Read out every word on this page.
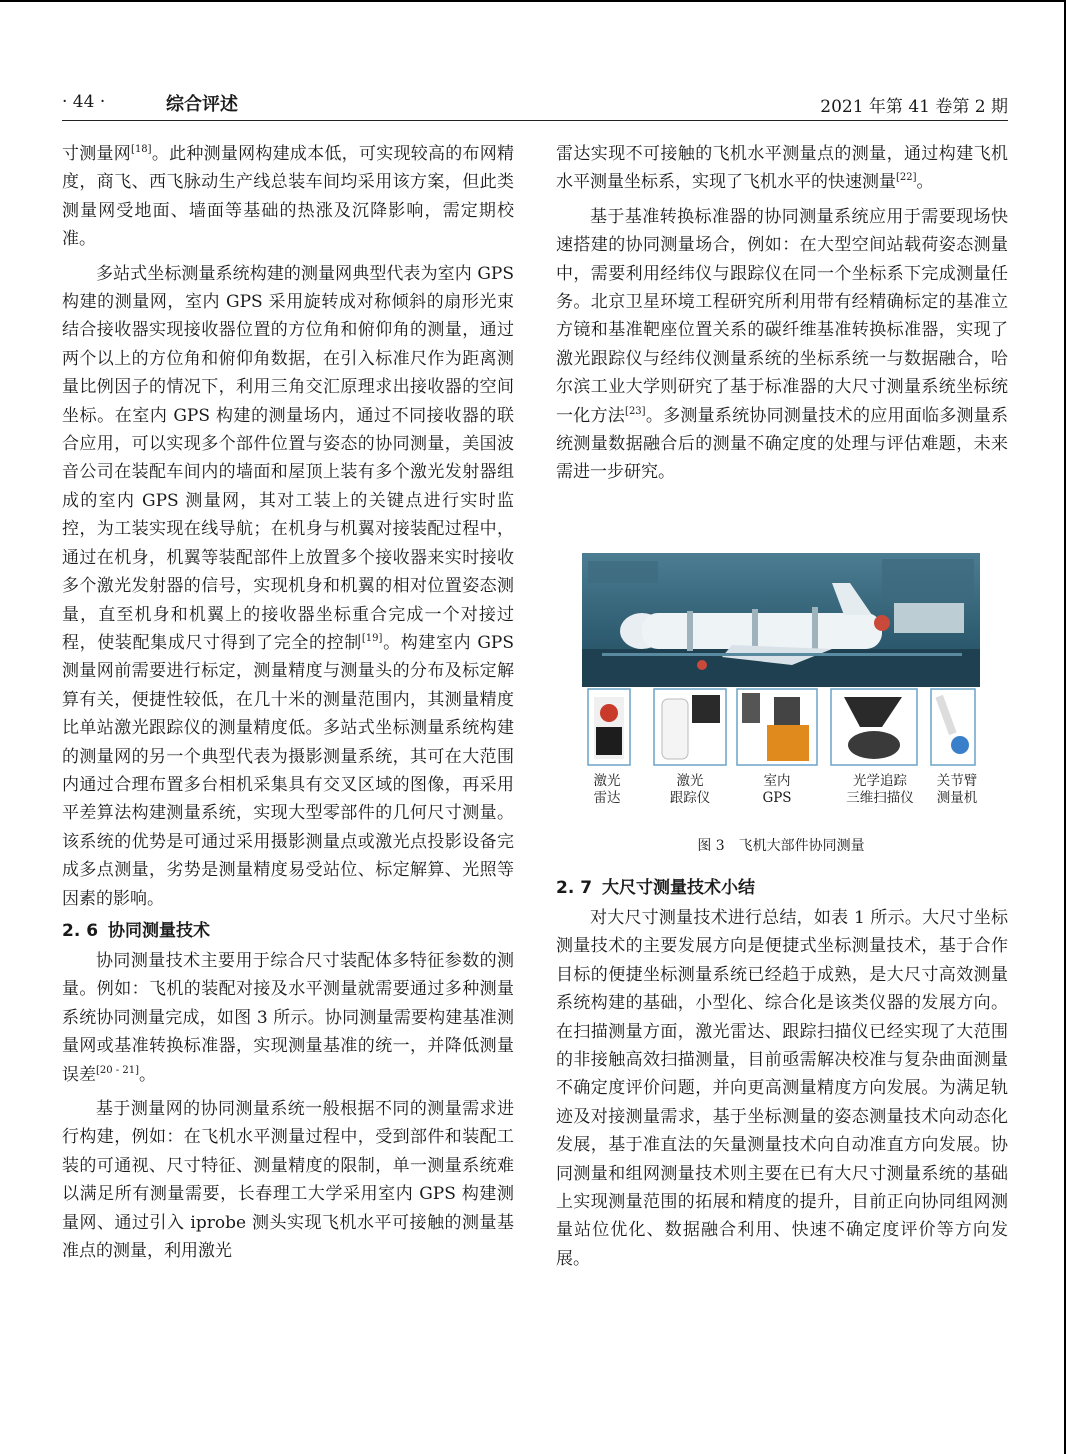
· 44 ·	综合评述	2021 年第 41 卷第 2 期

寸测量网[18]。此种测量网构建成本低，可实现较高的布网精度，商飞、西飞脉动生产线总装车间均采用该方案，但此类测量网受地面、墙面等基础的热涨及沉降影响，需定期校准。

多站式坐标测量系统构建的测量网典型代表为室内 GPS 构建的测量网，室内 GPS 采用旋转成对称倾斜的扇形光束结合接收器实现接收器位置的方位角和俯仰角的测量，通过两个以上的方位角和俯仰角数据，在引入标准尺作为距离测量比例因子的情况下，利用三角交汇原理求出接收器的空间坐标。在室内 GPS 构建的测量场内，通过不同接收器的联合应用，可以实现多个部件位置与姿态的协同测量，美国波音公司在装配车间内的墙面和屋顶上装有多个激光发射器组成的室内 GPS 测量网，其对工装上的关键点进行实时监控，为工装实现在线导航；在机身与机翼对接装配过程中，通过在机身，机翼等装配部件上放置多个接收器来实时接收多个激光发射器的信号，实现机身和机翼的相对位置姿态测量，直至机身和机翼上的接收器坐标重合完成一个对接过程，使装配集成尺寸得到了完全的控制[19]。构建室内 GPS 测量网前需要进行标定，测量精度与测量头的分布及标定解算有关，便捷性较低，在几十米的测量范围内，其测量精度比单站激光跟踪仪的测量精度低。多站式坐标测量系统构建的测量网的另一个典型代表为摄影测量系统，其可在大范围内通过合理布置多台相机采集具有交叉区域的图像，再采用平差算法构建测量系统，实现大型零部件的几何尺寸测量。该系统的优势是可通过采用摄影测量点或激光点投影设备完成多点测量，劣势是测量精度易受站位、标定解算、光照等因素的影响。

2. 6 协同测量技术

协同测量技术主要用于综合尺寸装配体多特征参数的测量。例如：飞机的装配对接及水平测量就需要通过多种测量系统协同测量完成，如图 3 所示。协同测量需要构建基准测量网或基准转换标准器，实现测量基准的统一，并降低测量误差[20 - 21]。

基于测量网的协同测量系统一般根据不同的测量需求进行构建，例如：在飞机水平测量过程中，受到部件和装配工装的可通视、尺寸特征、测量精度的限制，单一测量系统难以满足所有测量需要，长春理工大学采用室内 GPS 构建测量网、通过引入 iprobe 测头实现飞机水平可接触的测量基准点的测量，利用激光

雷达实现不可接触的飞机水平测量点的测量，通过构建飞机水平测量坐标系，实现了飞机水平的快速测量[22]。

基于基准转换标准器的协同测量系统应用于需要现场快速搭建的协同测量场合，例如：在大型空间站载荷姿态测量中，需要利用经纬仪与跟踪仪在同一个坐标系下完成测量任务。北京卫星环境工程研究所利用带有经精确标定的基准立方镜和基准靶座位置关系的碳纤维基准转换标准器，实现了激光跟踪仪与经纬仪测量系统的坐标系统一与数据融合，哈尔滨工业大学则研究了基于标准器的大尺寸测量系统坐标统一化方法[23]。多测量系统协同测量技术的应用面临多测量系统测量数据融合后的测量不确定度的处理与评估难题，未来需进一步研究。

2. 7 大尺寸测量技术小结

对大尺寸测量技术进行总结，如表 1 所示。大尺寸坐标测量技术的主要发展方向是便捷式坐标测量技术，基于合作目标的便捷坐标测量系统已经趋于成熟，是大尺寸高效测量系统构建的基础，小型化、综合化是该类仪器的发展方向。在扫描测量方面，激光雷达、跟踪扫描仪已经实现了大范围的非接触高效扫描测量，目前亟需解决校准与复杂曲面测量不确定度评价问题，并向更高测量精度方向发展。为满足轨迹及对接测量需求，基于坐标测量的姿态测量技术向动态化发展，基于准直法的矢量测量技术向自动准直方向发展。协同测量和组网测量技术则主要在已有大尺寸测量系统的基础上实现测量范围的拓展和精度的提升，目前正向协同组网测量站位优化、数据融合利用、快速不确定度评价等方向发展。

激光
雷达
激光
跟踪仪
室内
GPS
光学追踪
三维扫描仪
关节臂
测量机
图 3　飞机大部件协同测量
